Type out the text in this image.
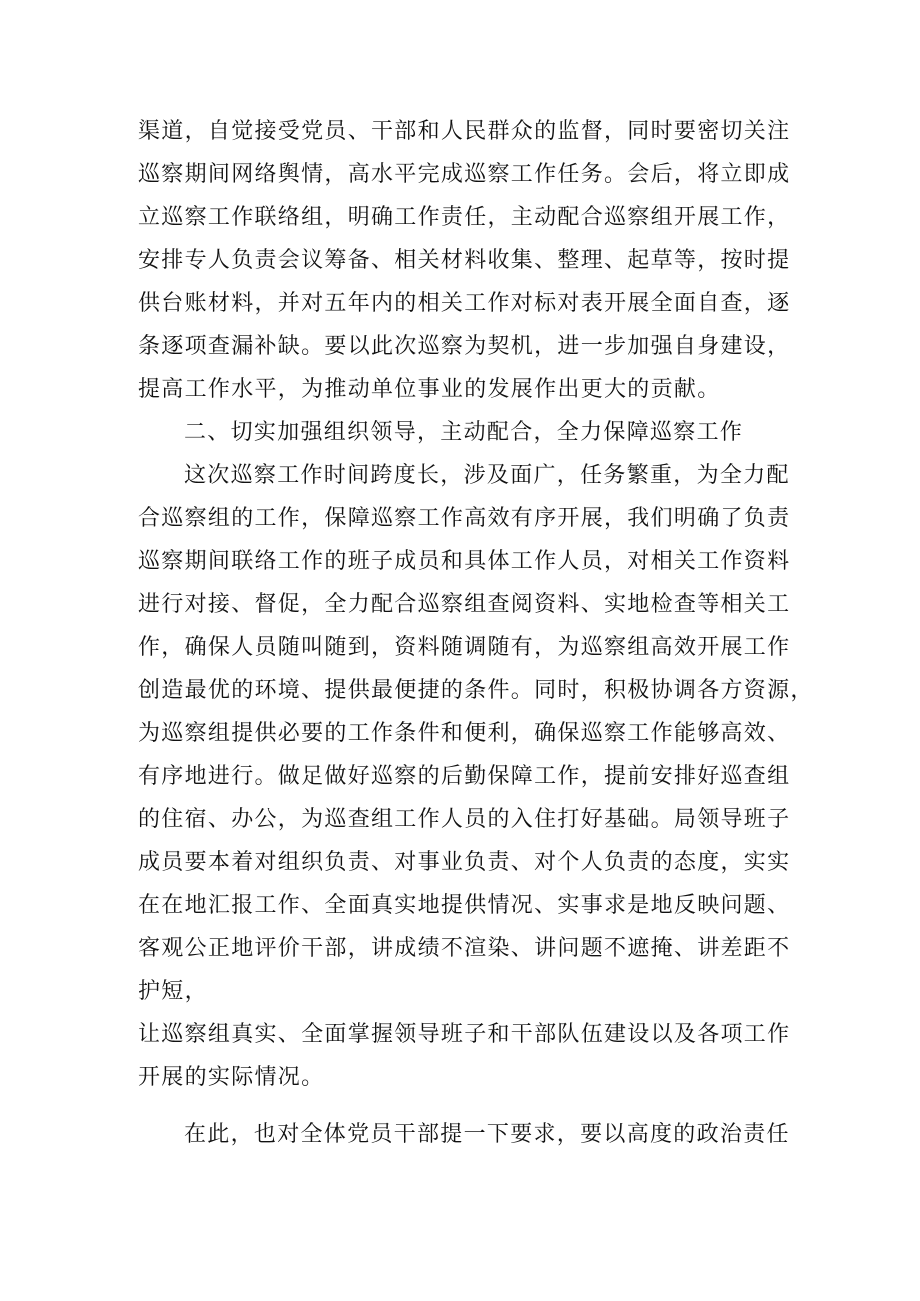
渠道，自觉接受党员、干部和人民群众的监督，同时要密切关注
巡察期间网络舆情，高水平完成巡察工作任务。会后，将立即成
立巡察工作联络组，明确工作责任，主动配合巡察组开展工作，
安排专人负责会议筹备、相关材料收集、整理、起草等，按时提
供台账材料，并对五年内的相关工作对标对表开展全面自查，逐
条逐项查漏补缺。要以此次巡察为契机，进一步加强自身建设，
提高工作水平，为推动单位事业的发展作出更大的贡献。
二、切实加强组织领导，主动配合，全力保障巡察工作
这次巡察工作时间跨度长，涉及面广，任务繁重，为全力配
合巡察组的工作，保障巡察工作高效有序开展，我们明确了负责
巡察期间联络工作的班子成员和具体工作人员，对相关工作资料
进行对接、督促，全力配合巡察组查阅资料、实地检查等相关工
作，确保人员随叫随到，资料随调随有，为巡察组高效开展工作
创造最优的环境、提供最便捷的条件。同时，积极协调各方资源，
为巡察组提供必要的工作条件和便利，确保巡察工作能够高效、
有序地进行。做足做好巡察的后勤保障工作，提前安排好巡查组
的住宿、办公，为巡查组工作人员的入住打好基础。局领导班子
成员要本着对组织负责、对事业负责、对个人负责的态度，实实
在在地汇报工作、全面真实地提供情况、实事求是地反映问题、
客观公正地评价干部，讲成绩不渲染、讲问题不遮掩、讲差距不
护短，
让巡察组真实、全面掌握领导班子和干部队伍建设以及各项工作
开展的实际情况。
在此，也对全体党员干部提一下要求，要以高度的政治责任
